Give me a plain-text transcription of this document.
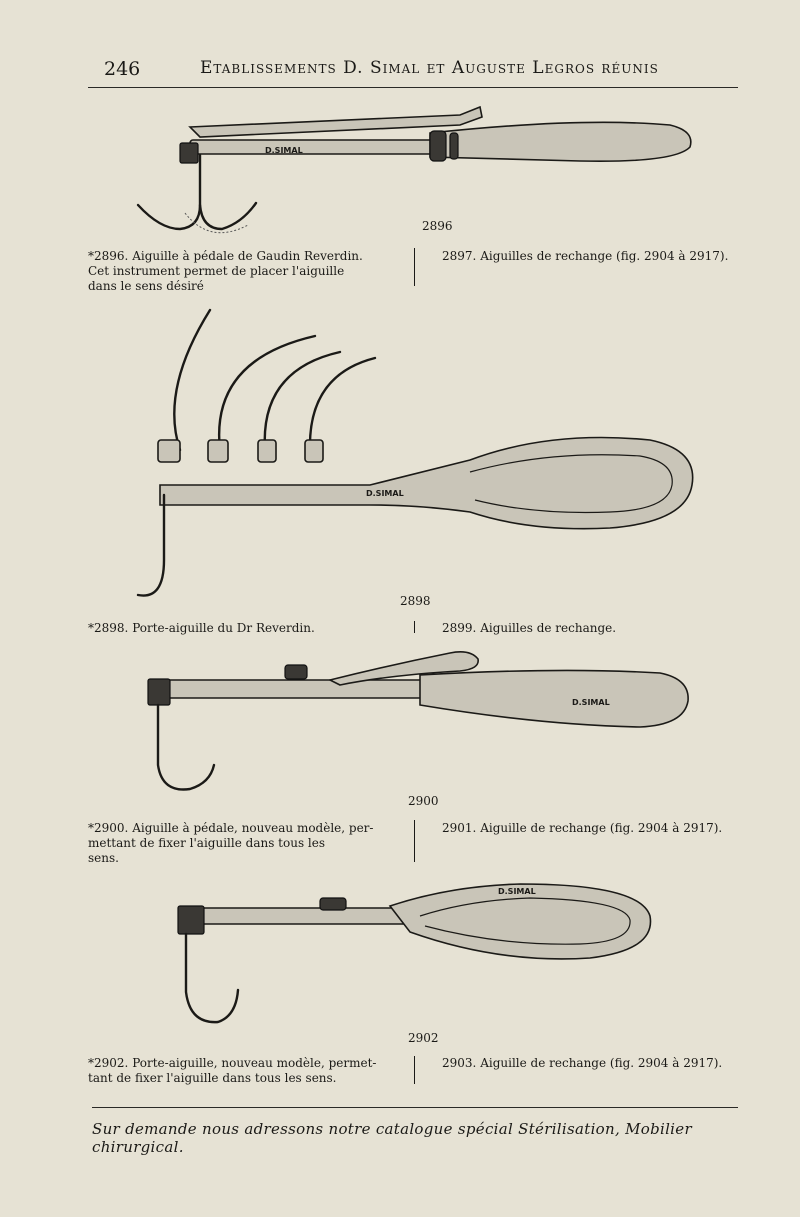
246	Etablissements D. Simal et Auguste Legros réunis
D.SIMAL
2896
*2896. Aiguille à pédale de Gaudin Reverdin.
Cet instrument permet de placer l'aiguille
dans le sens désiré
2897. Aiguilles de rechange (fig. 2904 à 2917).
D.SIMAL
2898
*2898. Porte-aiguille du Dr Reverdin.	2899. Aiguilles de rechange.
D.SIMAL
2900
*2900. Aiguille à pédale, nouveau modèle, per-
mettant de fixer l'aiguille dans tous les
sens.
2901. Aiguille de rechange (fig. 2904 à 2917).
D.SIMAL
2902
*2902. Porte-aiguille, nouveau modèle, permet-
tant de fixer l'aiguille dans tous les sens.
2903. Aiguille de rechange (fig. 2904 à 2917).
Sur demande nous adressons notre catalogue spécial Stérilisation, Mobilier chirurgical.
